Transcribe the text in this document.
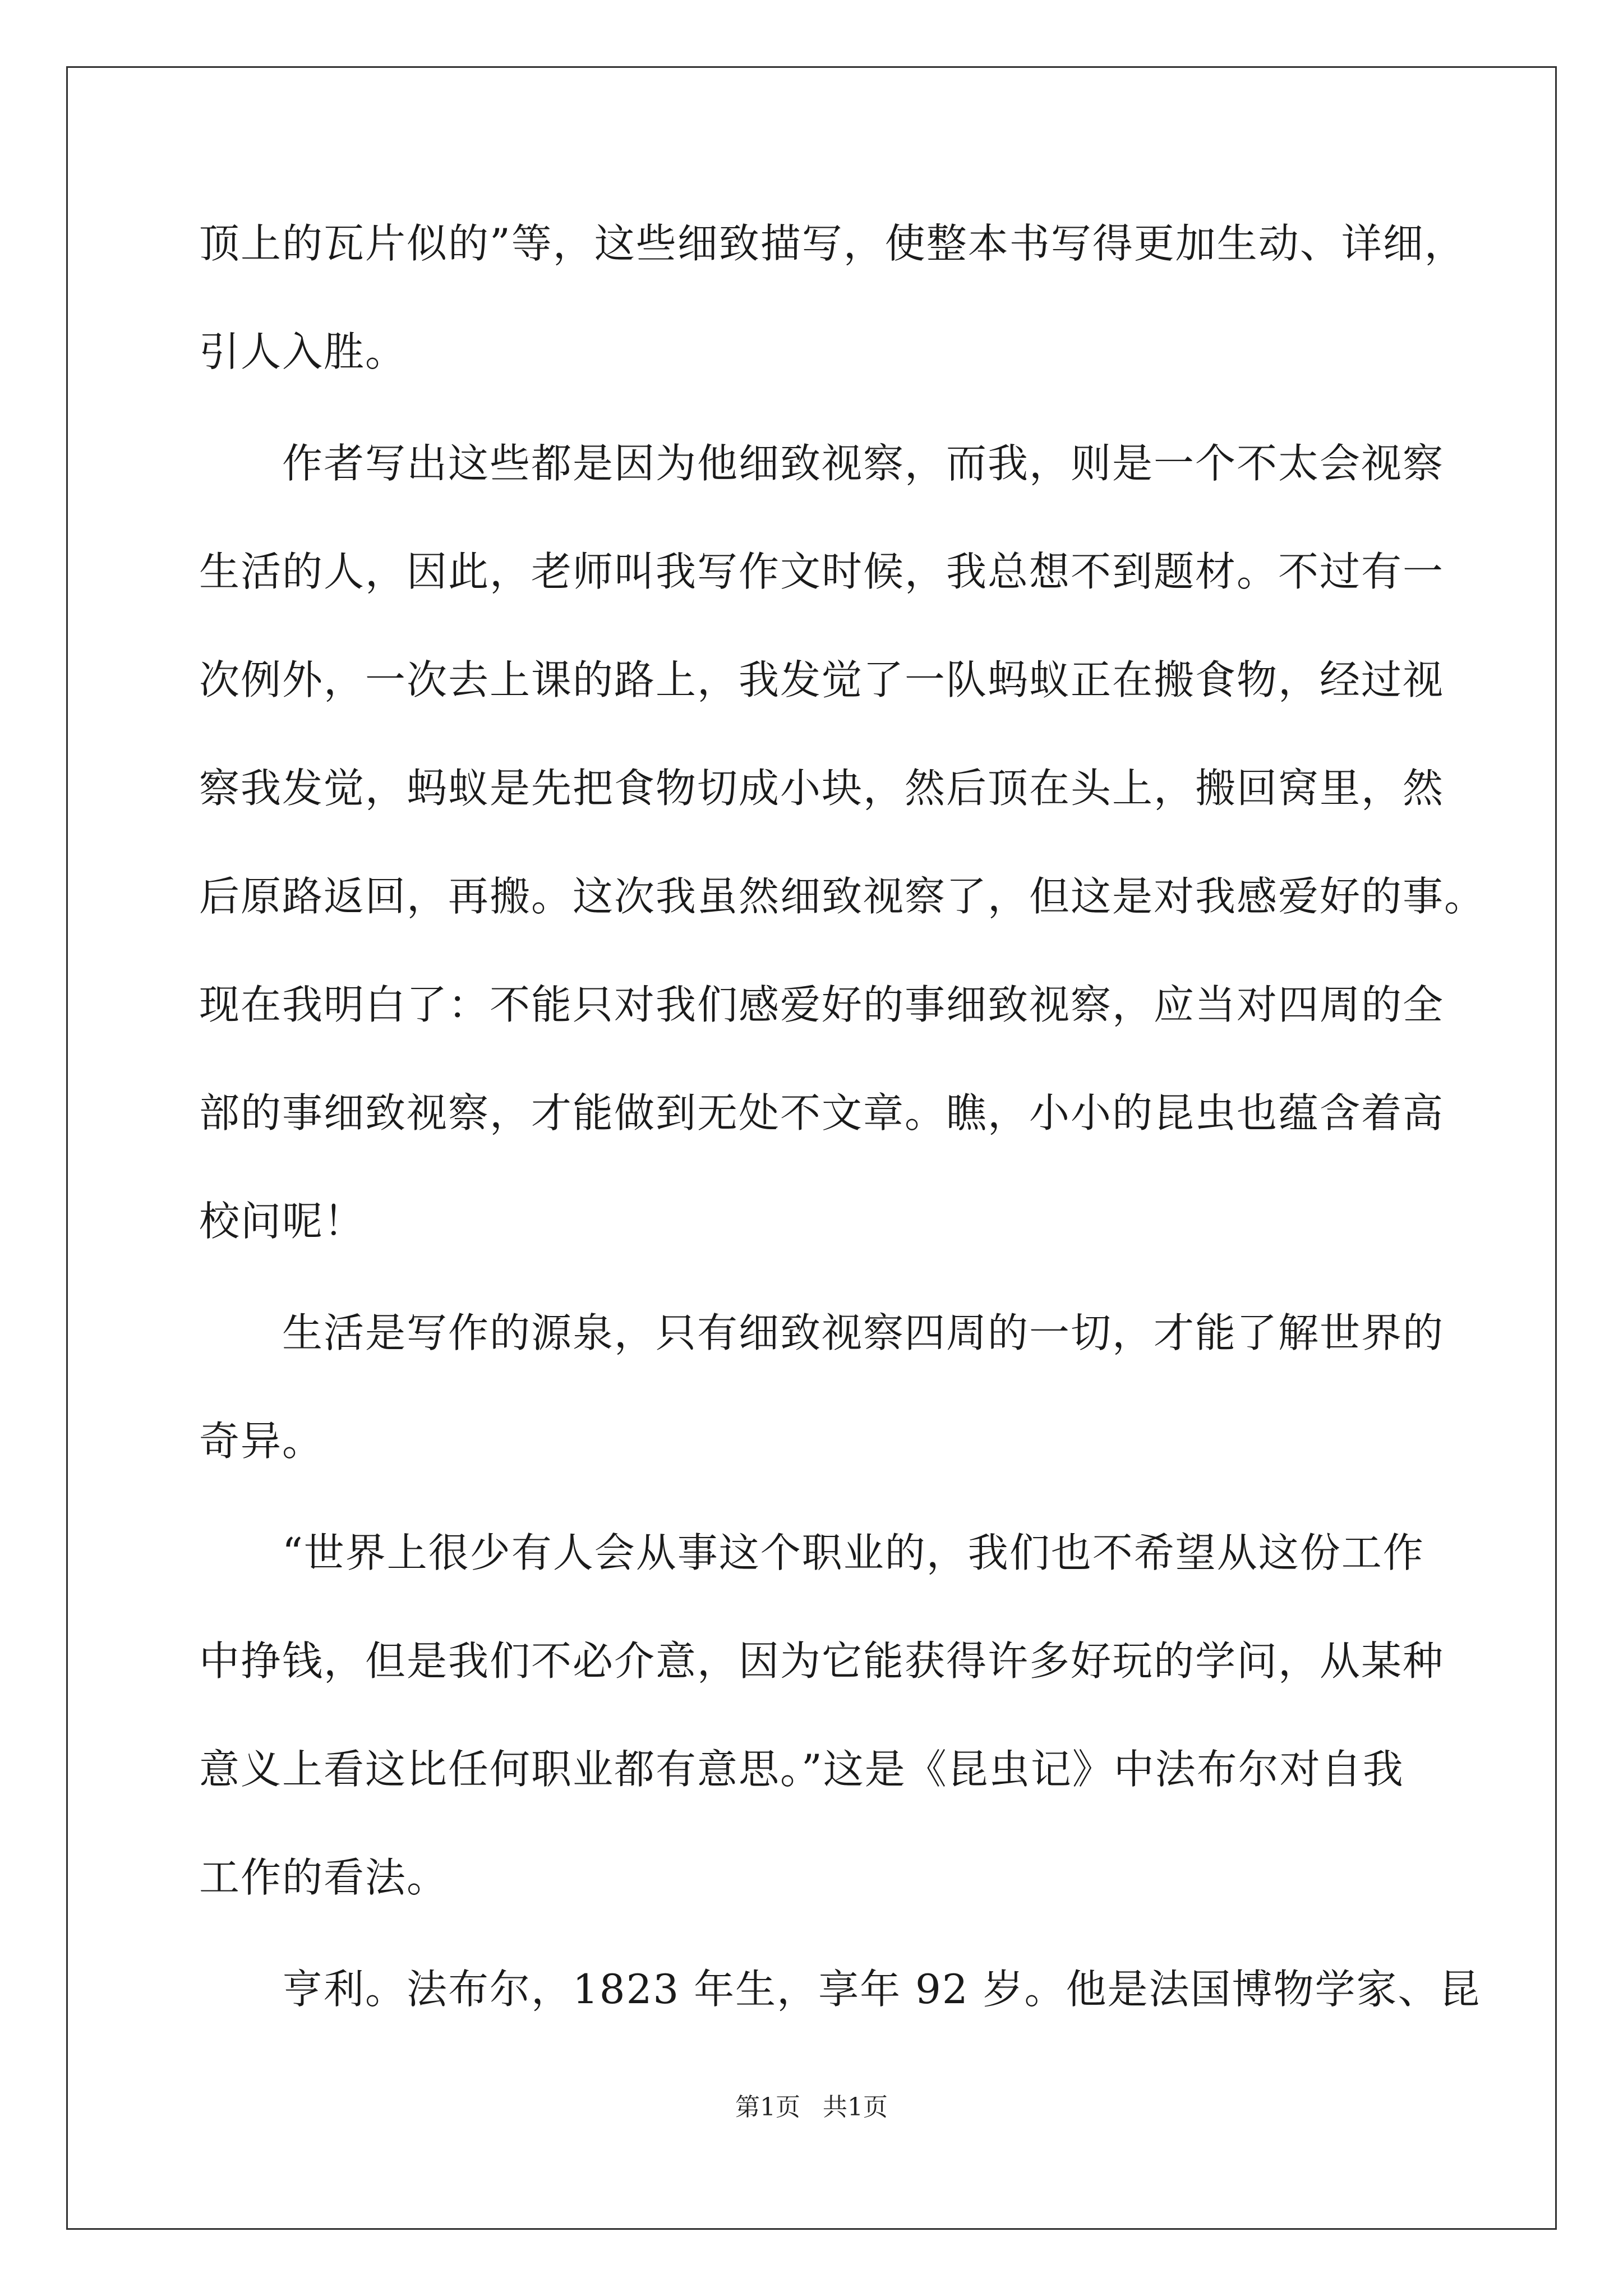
顶上的瓦片似的”等，这些细致描写，使整本书写得更加生动、详细，
引人入胜。

　　作者写出这些都是因为他细致视察，而我，则是一个不太会视察
生活的人，因此，老师叫我写作文时候，我总想不到题材。不过有一
次例外，一次去上课的路上，我发觉了一队蚂蚁正在搬食物，经过视
察我发觉，蚂蚁是先把食物切成小块，然后顶在头上，搬回窝里，然
后原路返回，再搬。这次我虽然细致视察了，但这是对我感爱好的事。
现在我明白了：不能只对我们感爱好的事细致视察，应当对四周的全
部的事细致视察，才能做到无处不文章。瞧，小小的昆虫也蕴含着高
校问呢！

　　生活是写作的源泉，只有细致视察四周的一切，才能了解世界的
奇异。

　　“世界上很少有人会从事这个职业的，我们也不希望从这份工作
中挣钱，但是我们不必介意，因为它能获得许多好玩的学问，从某种
意义上看这比任何职业都有意思。”这是《昆虫记》中法布尔对自我
工作的看法。

　　亨利。法布尔，1823 年生，享年 92 岁。他是法国博物学家、昆

第1页 共1页
